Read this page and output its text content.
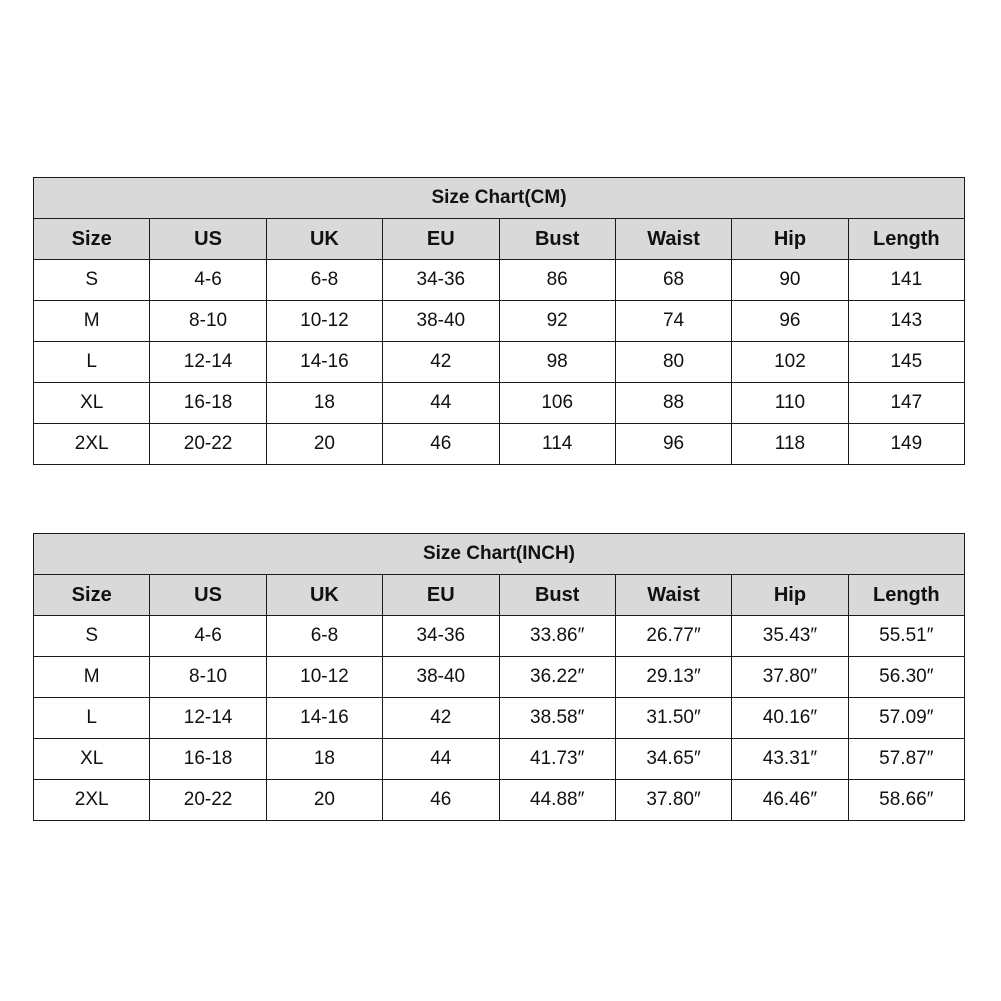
Size Chart(CM)							
Size	US	UK	EU	Bust	Waist	Hip	Length
S	4-6	6-8	34-36	86	68	90	141
M	8-10	10-12	38-40	92	74	96	143
L	12-14	14-16	42	98	80	102	145
XL	16-18	18	44	106	88	110	147
2XL	20-22	20	46	114	96	118	149
Size Chart(INCH)							
Size	US	UK	EU	Bust	Waist	Hip	Length
S	4-6	6-8	34-36	33.86″	26.77″	35.43″	55.51″
M	8-10	10-12	38-40	36.22″	29.13″	37.80″	56.30″
L	12-14	14-16	42	38.58″	31.50″	40.16″	57.09″
XL	16-18	18	44	41.73″	34.65″	43.31″	57.87″
2XL	20-22	20	46	44.88″	37.80″	46.46″	58.66″
